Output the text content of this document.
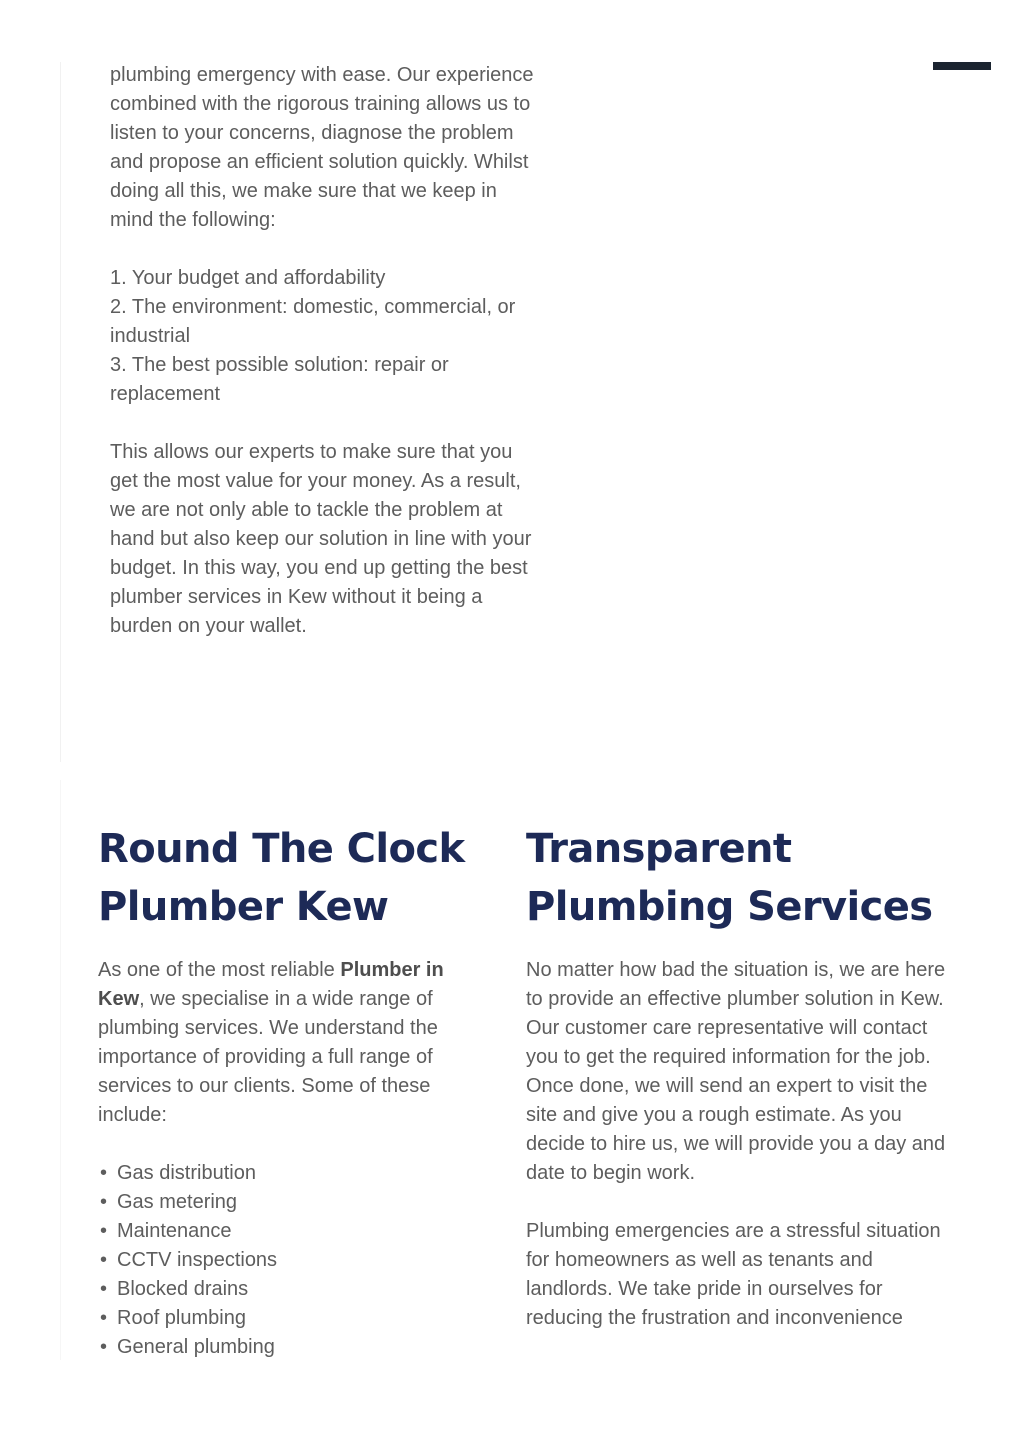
plumbing emergency with ease. Our experience combined with the rigorous training allows us to listen to your concerns, diagnose the problem and propose an efficient solution quickly. Whilst doing all this, we make sure that we keep in mind the following:

1. Your budget and affordability

2. The environment: domestic, commercial, or industrial

3. The best possible solution: repair or replacement

This allows our experts to make sure that you get the most value for your money. As a result, we are not only able to tackle the problem at hand but also keep our solution in line with your budget. In this way, you end up getting the best plumber services in Kew without it being a burden on your wallet.

Round The Clock Plumber Kew

As one of the most reliable Plumber in Kew, we specialise in a wide range of plumbing services. We understand the importance of providing a full range of services to our clients. Some of these include:

• Gas distribution
• Gas metering
• Maintenance
• CCTV inspections
• Blocked drains
• Roof plumbing
• General plumbing
Transparent Plumbing Services

No matter how bad the situation is, we are here to provide an effective plumber solution in Kew. Our customer care representative will contact you to get the required information for the job. Once done, we will send an expert to visit the site and give you a rough estimate. As you decide to hire us, we will provide you a day and date to begin work.

Plumbing emergencies are a stressful situation for homeowners as well as tenants and landlords. We take pride in ourselves for reducing the frustration and inconvenience
